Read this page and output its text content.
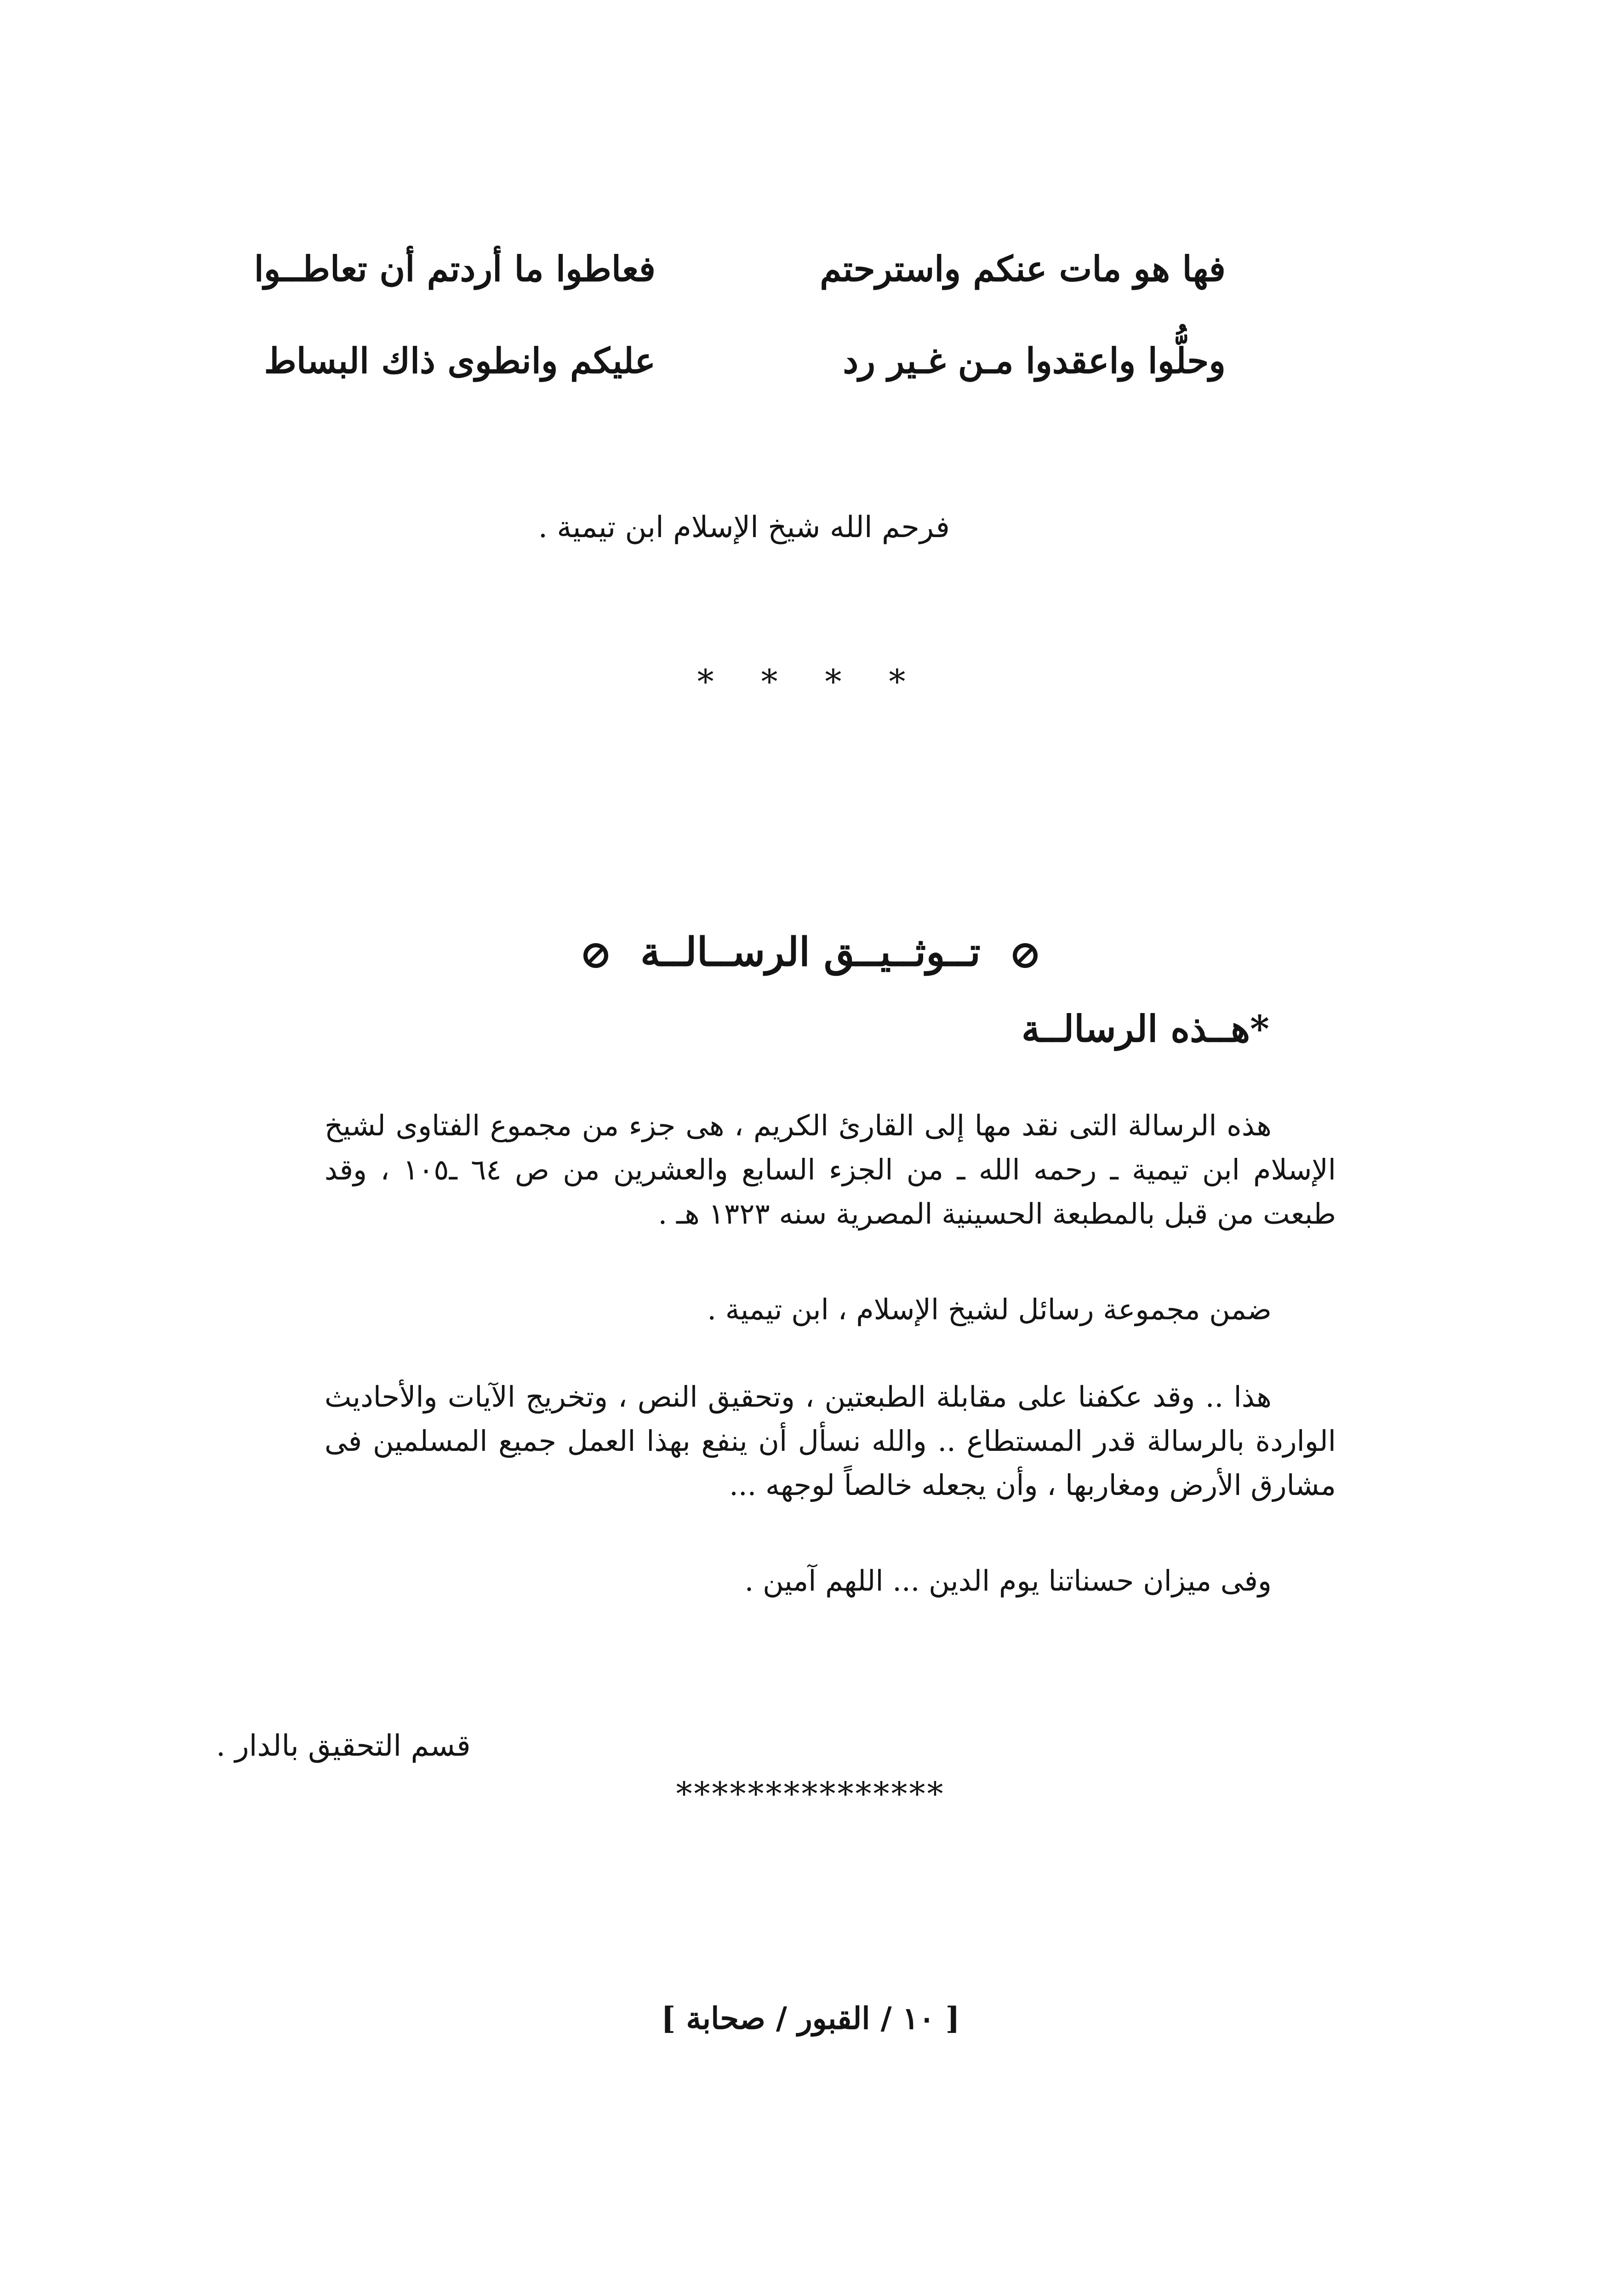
فها هو مات عنكم واسترحتم
فعاطوا ما أردتم أن تعاطــوا
وحلُّوا واعقدوا مـن غـير رد
عليكم وانطوى ذاك البساط
فرحم الله شيخ الإسلام ابن تيمية .
* * * *
تــوثــيــق الرســالــة
*هــذه الرسالــة
هذه الرسالة التى نقد مها إلى القارئ الكريم ، هى جزء من مجموع الفتاوى لشيخ الإسلام ابن تيمية ـ رحمه الله ـ من الجزء السابع والعشرين من ص ٦٤ ـ١٠٥ ، وقد طبعت من قبل بالمطبعة الحسينية المصرية سنه ١٣٢٣ هـ .
ضمن مجموعة رسائل لشيخ الإسلام ، ابن تيمية .
هذا .. وقد عكفنا على مقابلة الطبعتين ، وتحقيق النص ، وتخريج الآيات والأحاديث الواردة بالرسالة قدر المستطاع .. والله نسأل أن ينفع بهذا العمل جميع المسلمين فى مشارق الأرض ومغاربها ، وأن يجعله خالصاً لوجهه ...
وفى ميزان حسناتنا يوم الدين ... اللهم آمين .
قسم التحقيق بالدار .
***************
[ ١٠ / القبور / صحابة ]
